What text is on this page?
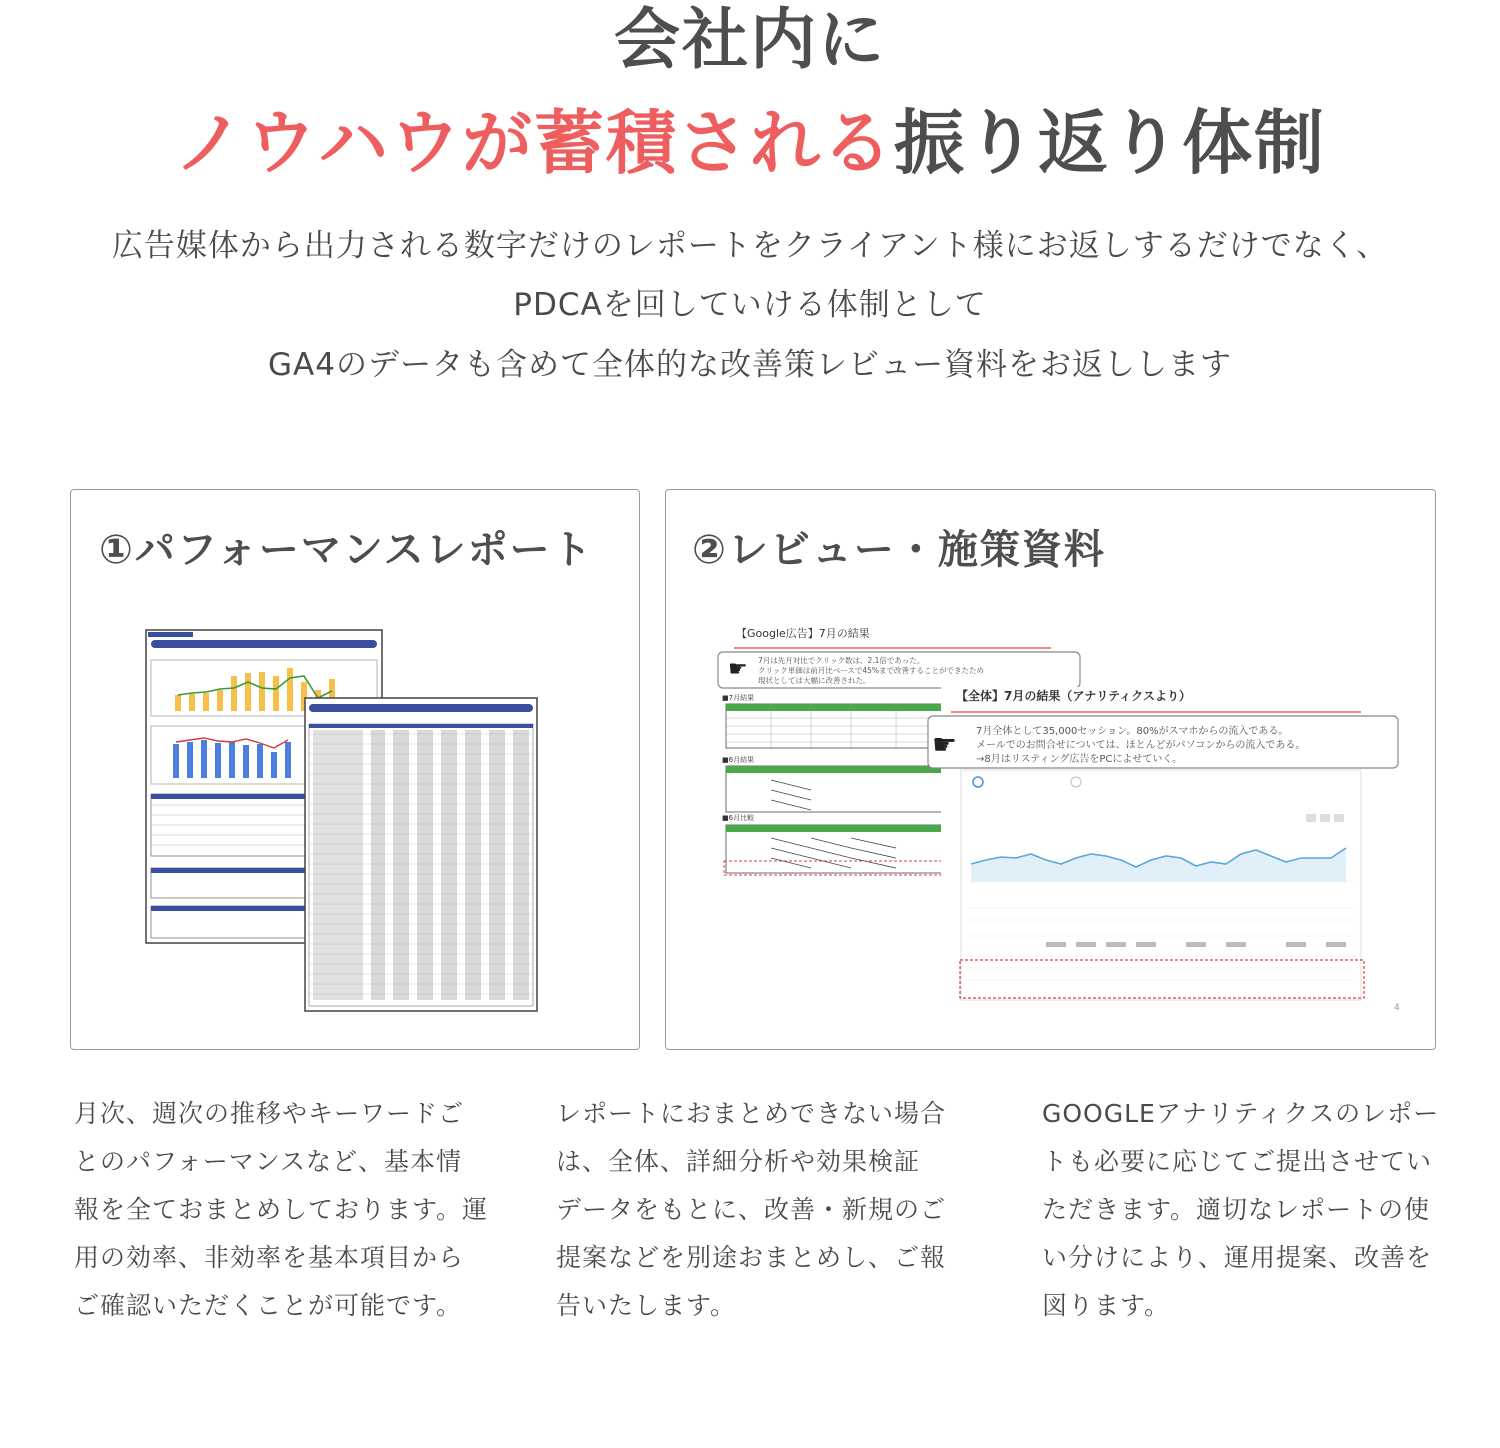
会社内に
ノウハウが蓄積される振り返り体制
広告媒体から出力される数字だけのレポートをクライアント様にお返しするだけでなく、
PDCAを回していける体制として
GA4のデータも含めて全体的な改善策レビュー資料をお返しします
①パフォーマンスレポート ②レビュー・施策資料
【Google広告】7月の結果
☛ 7月は先月対比でクリック数は、2.1倍であった。
クリック単価は前月比ベースで45%まで改善することができたため
現状としては大幅に改善された。
■7月結果
■6月結果
■6月比較
【全体】7月の結果（アナリティクスより）
☛ 7月全体として35,000セッション。80%がスマホからの流入である。
メールでのお問合せについては、ほとんどがパソコンからの流入である。
→8月はリスティング広告をPCによせていく。
4
月次、週次の推移やキーワードご
とのパフォーマンスなど、基本情
報を全ておまとめしております。運
用の効率、非効率を基本項目から
ご確認いただくことが可能です。
レポートにおまとめできない場合
は、全体、詳細分析や効果検証
データをもとに、改善・新規のご
提案などを別途おまとめし、ご報
告いたします。
GOOGLEアナリティクスのレポー
トも必要に応じてご提出させてい
ただきます。適切なレポートの使
い分けにより、運用提案、改善を
図ります。
